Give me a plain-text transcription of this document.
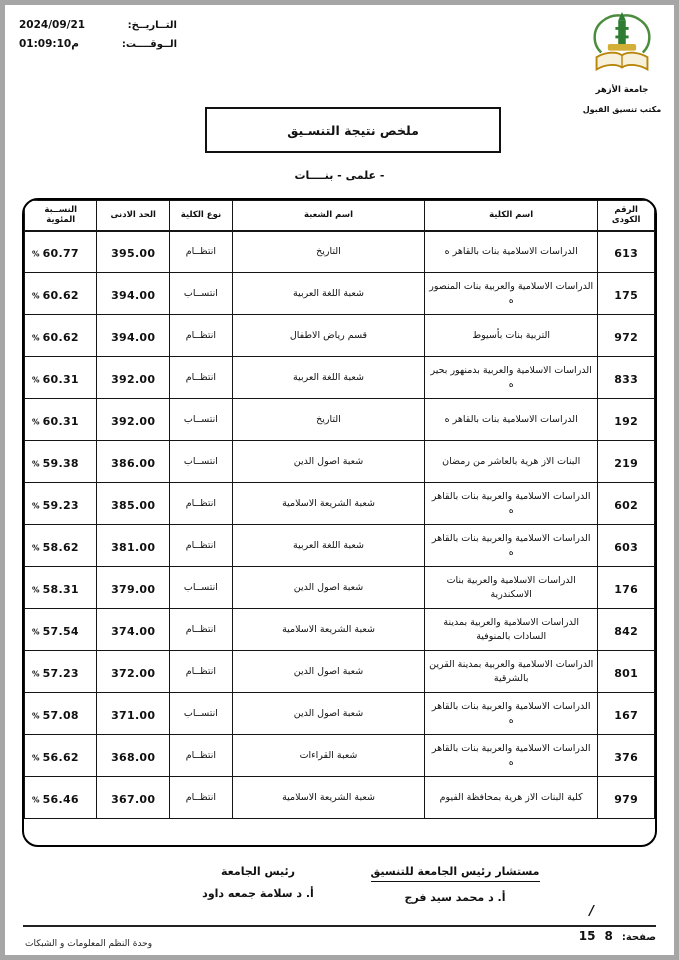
التــاريــخ:
2024/09/21
الــوقــــت:
01:09:10م
جامعة الأزهر
مكتب تنسيق القبول
ملخص نتيجة التنسـيق
- علمى - بنــــات
الرقم الكودى	اسم الكلية	اسم الشعبة	نوع الكلية	الحد الادنى	النســبة المئوية
613	الدراسات الاسلامية بنات بالقاهر ه	التاريخ	انتظــام	395.00	% 60.77
175	الدراسات الاسلامية والعربية بنات المنصور ه	شعبة اللغة العربية	انتســاب	394.00	% 60.62
972	التربية بنات بأسيوط	قسم رياض الاطفال	انتظــام	394.00	% 60.62
833	الدراسات الاسلامية والعربية بدمنهور بحير ه	شعبة اللغة العربية	انتظــام	392.00	% 60.31
192	الدراسات الاسلامية بنات بالقاهر ه	التاريخ	انتســاب	392.00	% 60.31
219	البنات الاز هرية بالعاشر من رمضان	شعبة اصول الدين	انتســاب	386.00	% 59.38
602	الدراسات الاسلامية والعربية بنات بالقاهر ه	شعبة الشريعة الاسلامية	انتظــام	385.00	% 59.23
603	الدراسات الاسلامية والعربية بنات بالقاهر ه	شعبة اللغة العربية	انتظــام	381.00	% 58.62
176	الدراسات الاسلامية والعربية بنات الاسكندرية	شعبة اصول الدين	انتســاب	379.00	% 58.31
842	الدراسات الاسلامية والعربية بمدينة السادات بالمنوفية	شعبة الشريعة الاسلامية	انتظــام	374.00	% 57.54
801	الدراسات الاسلامية والعربية بمدينة القرين بالشرقية	شعبة اصول الدين	انتظــام	372.00	% 57.23
167	الدراسات الاسلامية والعربية بنات بالقاهر ه	شعبة اصول الدين	انتســاب	371.00	% 57.08
376	الدراسات الاسلامية والعربية بنات بالقاهر ه	شعبة القراءات	انتظــام	368.00	% 56.62
979	كلية البنات الاز هرية بمحافظة الفيوم	شعبة الشريعة الاسلامية	انتظــام	367.00	% 56.46
مستشار رئيس الجامعة للتنسيق
أ. د محمد سيد فرج
رئيس الجامعة
أ. د سلامة جمعه داود
/
صفحة:
8
15
وحدة النظم المعلومات و الشبكات
